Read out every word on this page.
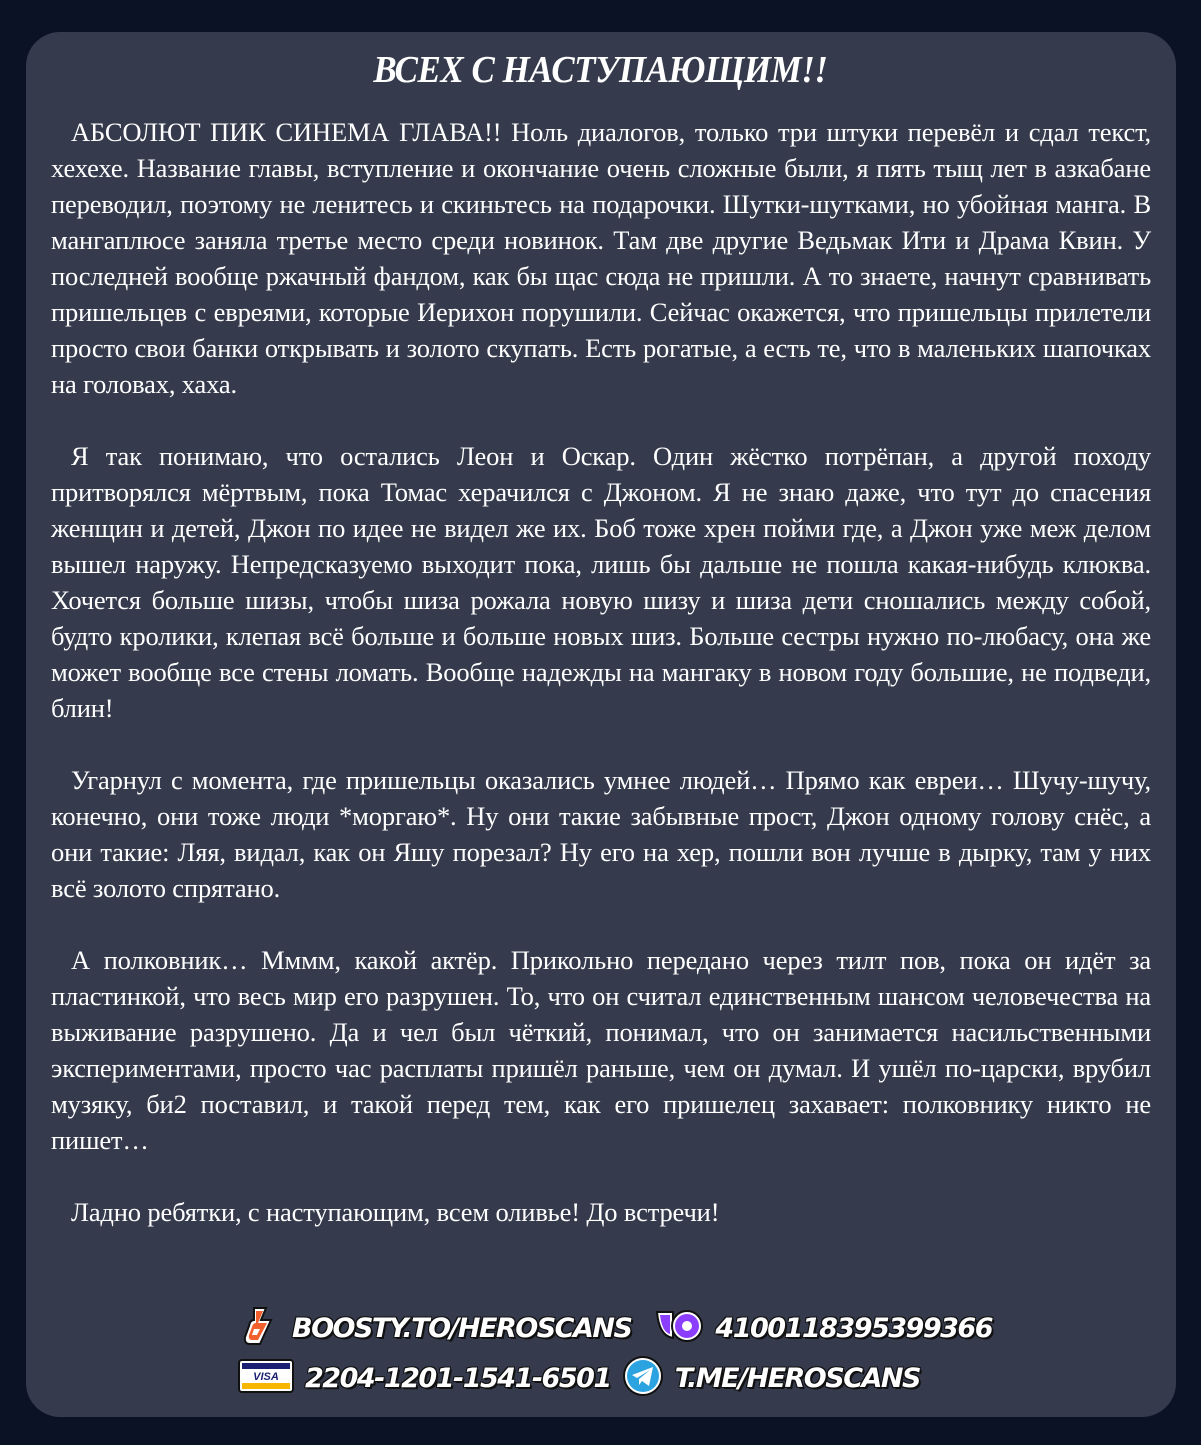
ВСЕХ С НАСТУПАЮЩИМ!!

АБСОЛЮТ ПИК СИНЕМА ГЛАВА!! Ноль диалогов, только три штуки перевёл и сдал текст, хехехе. Название главы, вступление и окончание очень сложные были, я пять тыщ лет в азкабане переводил, поэтому не ленитесь и скиньтесь на подарочки. Шутки-шутками, но убойная манга. В мангаплюсе заняла третье место среди новинок. Там две другие Ведьмак Ити и Драма Квин. У последней вообще ржачный фандом, как бы щас сюда не пришли. А то знаете, начнут сравнивать пришельцев с евреями, которые Иерихон порушили. Сейчас окажется, что пришельцы прилетели просто свои банки открывать и золото скупать. Есть рогатые, а есть те, что в маленьких шапочках на головах, хаха.

Я так понимаю, что остались Леон и Оскар. Один жёстко потрёпан, а другой походу притворялся мёртвым, пока Томас херачился с Джоном. Я не знаю даже, что тут до спасения женщин и детей, Джон по идее не видел же их. Боб тоже хрен пойми где, а Джон уже меж делом вышел наружу. Непредсказуемо выходит пока, лишь бы дальше не пошла какая-нибудь клюква. Хочется больше шизы, чтобы шиза рожала новую шизу и шиза дети сношались между собой, будто кролики, клепая всё больше и больше новых шиз. Больше сестры нужно по-любасу, она же может вообще все стены ломать. Вообще надежды на мангаку в новом году большие, не подведи, блин!

Угарнул с момента, где пришельцы оказались умнее людей… Прямо как евреи… Шучу-шучу, конечно, они тоже люди *моргаю*. Ну они такие забывные прост, Джон одному голову снёс, а они такие: Ляя, видал, как он Яшу порезал? Ну его на хер, пошли вон лучше в дырку, там у них всё золото спрятано.

А полковник… Мммм, какой актёр. Прикольно передано через тилт пов, пока он идёт за пластинкой, что весь мир его разрушен. То, что он считал единственным шансом человечества на выживание разрушено. Да и чел был чёткий, понимал, что он занимается насильственными экспериментами, просто час расплаты пришёл раньше, чем он думал. И ушёл по-царски, врубил музяку, би2 поставил, и такой перед тем, как его пришелец захавает: полковнику никто не пишет…

Ладно ребятки, с наступающим, всем оливье! До встречи!

BOOSTY.TO/HEROSCANS	4100118395399366
VISA 2204-1201-1541-6501 T.ME/HEROSCANS
